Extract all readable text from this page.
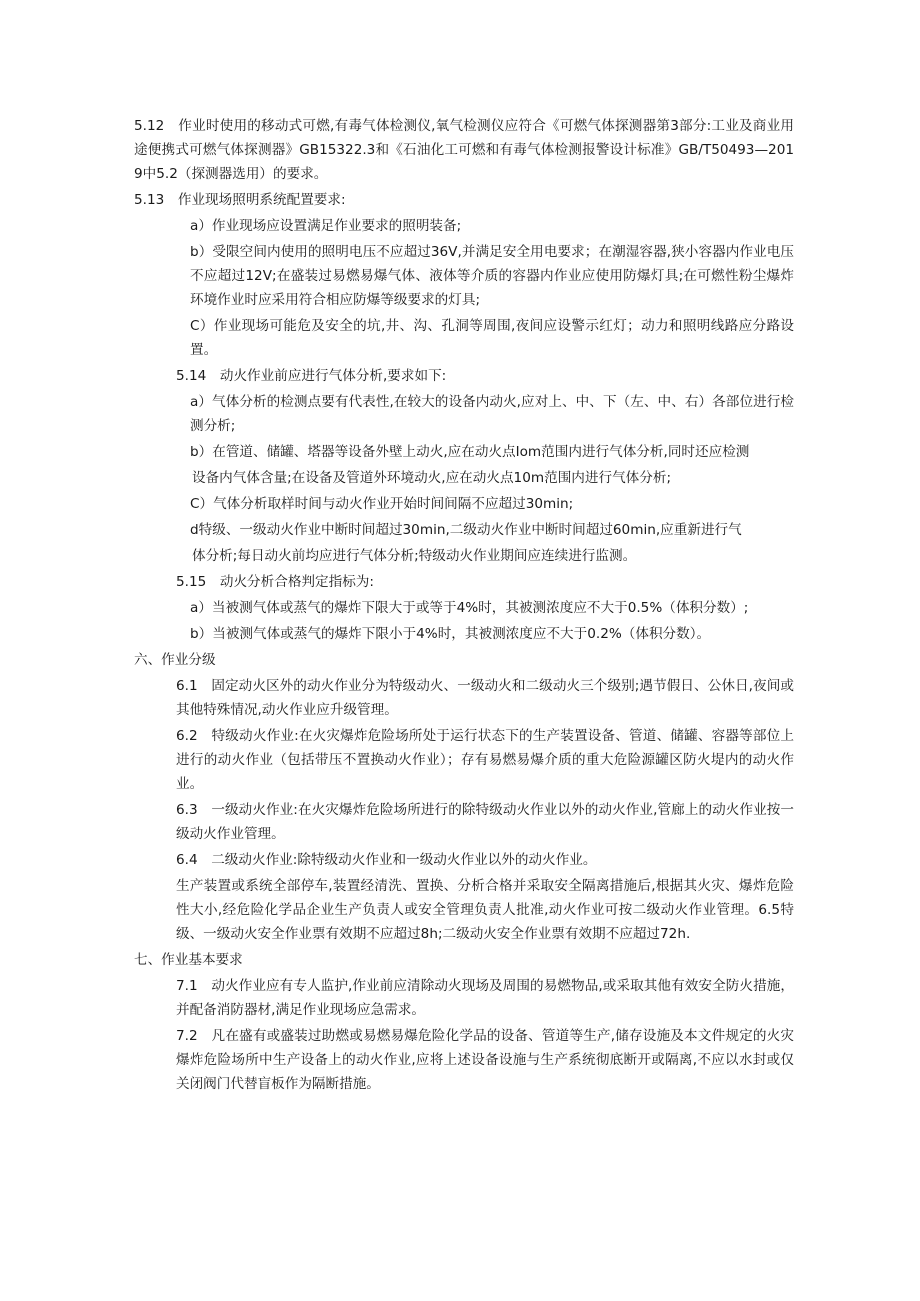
5.12　作业时使用的移动式可燃,有毒气体检测仪,氧气检测仪应符合《可燃气体探测器第3部分:工业及商业用途便携式可燃气体探测器》GB15322.3和《石油化工可燃和有毒气体检测报警设计标准》GB/T50493—2019中5.2（探测器选用）的要求。

5.13　作业现场照明系统配置要求:

a）作业现场应设置满足作业要求的照明装备;

b）受限空间内使用的照明电压不应超过36V,并满足安全用电要求；在潮湿容器,狭小容器内作业电压不应超过12V;在盛装过易燃易爆气体、液体等介质的容器内作业应使用防爆灯具;在可燃性粉尘爆炸环境作业时应采用符合相应防爆等级要求的灯具;

C）作业现场可能危及安全的坑,井、沟、孔洞等周围,夜间应设警示红灯；动力和照明线路应分路设置。

5.14　动火作业前应进行气体分析,要求如下:

a）气体分析的检测点要有代表性,在较大的设备内动火,应对上、中、下（左、中、右）各部位进行检测分析;

b）在管道、储罐、塔器等设备外壁上动火,应在动火点Iom范围内进行气体分析,同时还应检测

设备内气体含量;在设备及管道外环境动火,应在动火点10m范围内进行气体分析;

C）气体分析取样时间与动火作业开始时间间隔不应超过30min;

d特级、一级动火作业中断时间超过30min,二级动火作业中断时间超过60min,应重新进行气

体分析;每日动火前均应进行气体分析;特级动火作业期间应连续进行监测。

5.15　动火分析合格判定指标为:

a）当被测气体或蒸气的爆炸下限大于或等于4%时，其被测浓度应不大于0.5%（体积分数）;

b）当被测气体或蒸气的爆炸下限小于4%时，其被测浓度应不大于0.2%（体积分数）。

六、作业分级

6.1　固定动火区外的动火作业分为特级动火、一级动火和二级动火三个级别;遇节假日、公休日,夜间或其他特殊情况,动火作业应升级管理。

6.2　特级动火作业:在火灾爆炸危险场所处于运行状态下的生产装置设备、管道、储罐、容器等部位上进行的动火作业（包括带压不置换动火作业）；存有易燃易爆介质的重大危险源罐区防火堤内的动火作业。

6.3　一级动火作业:在火灾爆炸危险场所进行的除特级动火作业以外的动火作业,管廊上的动火作业按一级动火作业管理。

6.4　二级动火作业:除特级动火作业和一级动火作业以外的动火作业。

生产装置或系统全部停车,装置经清洗、置换、分析合格并采取安全隔离措施后,根据其火灾、爆炸危险性大小,经危险化学品企业生产负责人或安全管理负责人批准,动火作业可按二级动火作业管理。6.5特级、一级动火安全作业票有效期不应超过8h;二级动火安全作业票有效期不应超过72h.

七、作业基本要求

7.1　动火作业应有专人监护,作业前应清除动火现场及周围的易燃物品,或采取其他有效安全防火措施，并配备消防器材,满足作业现场应急需求。

7.2　凡在盛有或盛装过助燃或易燃易爆危险化学品的设备、管道等生产,储存设施及本文件规定的火灾爆炸危险场所中生产设备上的动火作业,应将上述设备设施与生产系统彻底断开或隔离,不应以水封或仅关闭阀门代替盲板作为隔断措施。
